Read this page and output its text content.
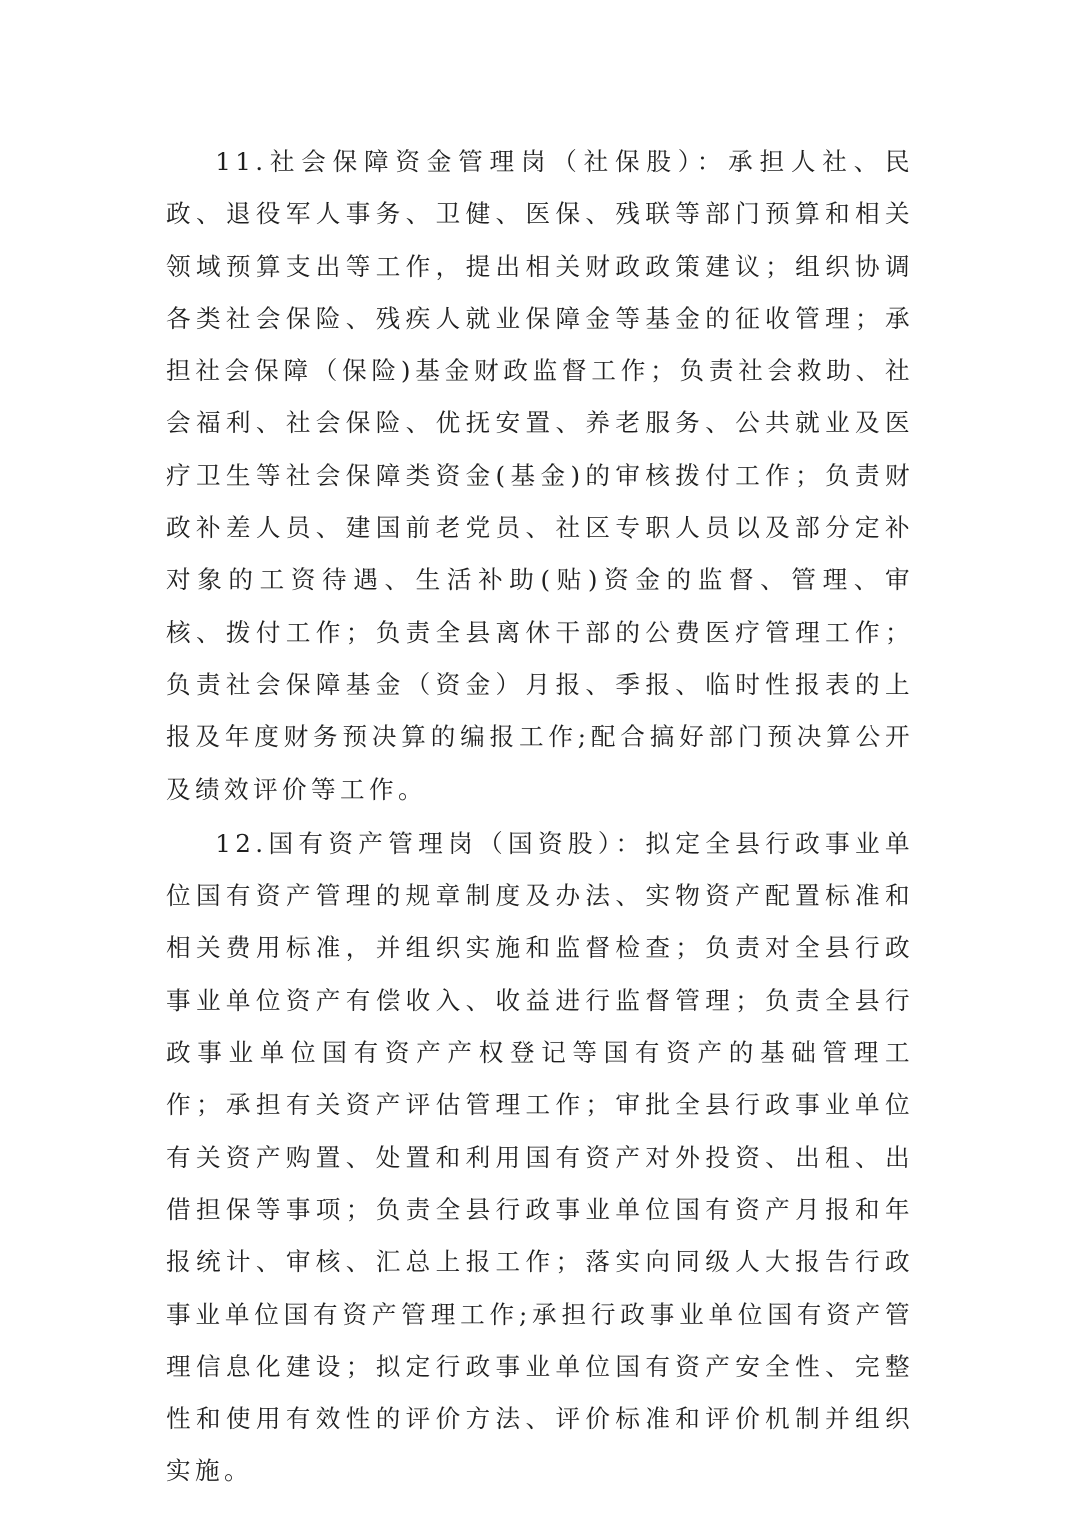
11.社会保障资金管理岗（社保股）：承担人社、民政、退役军人事务、卫健、医保、残联等部门预算和相关领域预算支出等工作，提出相关财政政策建议；组织协调各类社会保险、残疾人就业保障金等基金的征收管理；承担社会保障（保险)基金财政监督工作；负责社会救助、社会福利、社会保险、优抚安置、养老服务、公共就业及医疗卫生等社会保障类资金(基金)的审核拨付工作；负责财政补差人员、建国前老党员、社区专职人员以及部分定补对象的工资待遇、生活补助(贴)资金的监督、管理、审核、拨付工作；负责全县离休干部的公费医疗管理工作；负责社会保障基金（资金）月报、季报、临时性报表的上报及年度财务预决算的编报工作;配合搞好部门预决算公开及绩效评价等工作。

12.国有资产管理岗（国资股）：拟定全县行政事业单位国有资产管理的规章制度及办法、实物资产配置标准和相关费用标准，并组织实施和监督检查；负责对全县行政事业单位资产有偿收入、收益进行监督管理；负责全县行政事业单位国有资产产权登记等国有资产的基础管理工作；承担有关资产评估管理工作；审批全县行政事业单位有关资产购置、处置和利用国有资产对外投资、出租、出借担保等事项；负责全县行政事业单位国有资产月报和年报统计、审核、汇总上报工作；落实向同级人大报告行政事业单位国有资产管理工作;承担行政事业单位国有资产管理信息化建设；拟定行政事业单位国有资产安全性、完整性和使用有效性的评价方法、评价标准和评价机制并组织实施。
